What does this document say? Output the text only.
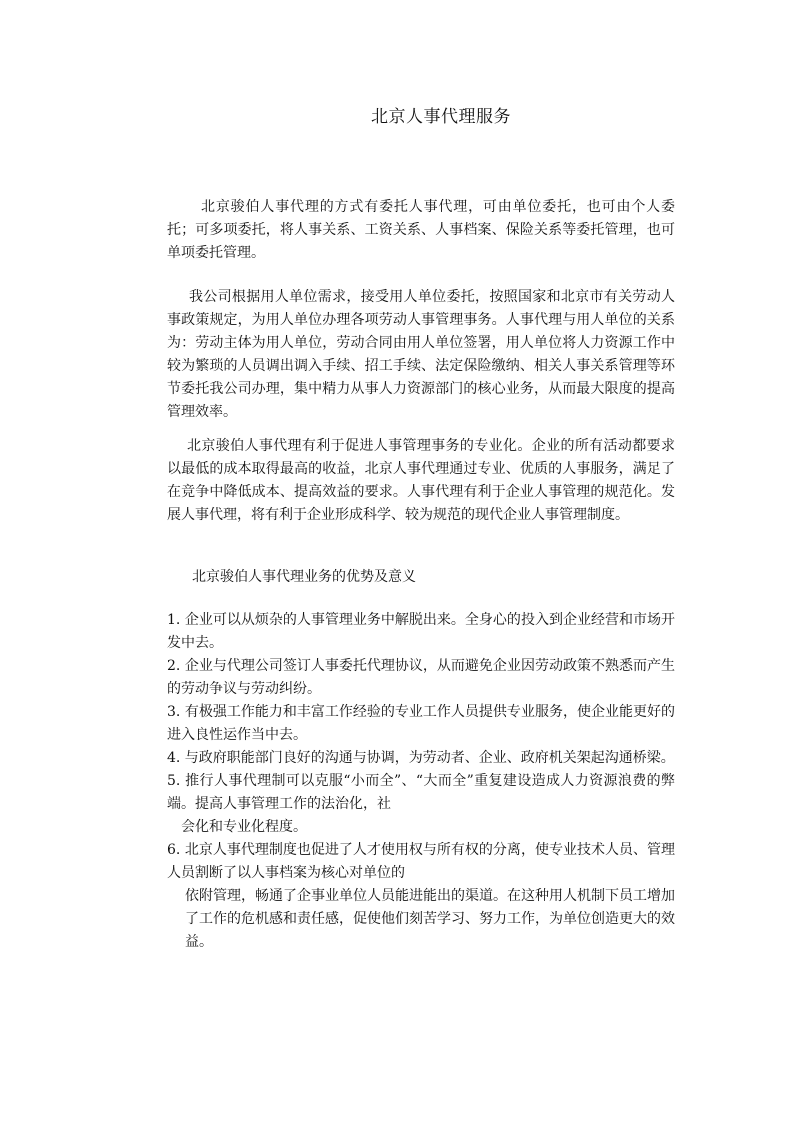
北京人事代理服务

北京骏伯人事代理的方式有委托人事代理，可由单位委托，也可由个人委托；可多项委托，将人事关系、工资关系、人事档案、保险关系等委托管理，也可单项委托管理。

我公司根据用人单位需求，接受用人单位委托，按照国家和北京市有关劳动人事政策规定，为用人单位办理各项劳动人事管理事务。人事代理与用人单位的关系为：劳动主体为用人单位，劳动合同由用人单位签署，用人单位将人力资源工作中较为繁琐的人员调出调入手续、招工手续、法定保险缴纳、相关人事关系管理等环节委托我公司办理，集中精力从事人力资源部门的核心业务，从而最大限度的提高管理效率。

北京骏伯人事代理有利于促进人事管理事务的专业化。企业的所有活动都要求以最低的成本取得最高的收益，北京人事代理通过专业、优质的人事服务，满足了在竞争中降低成本、提高效益的要求。人事代理有利于企业人事管理的规范化。发展人事代理，将有利于企业形成科学、较为规范的现代企业人事管理制度。

北京骏伯人事代理业务的优势及意义

1. 企业可以从烦杂的人事管理业务中解脱出来。全身心的投入到企业经营和市场开发中去。
2. 企业与代理公司签订人事委托代理协议，从而避免企业因劳动政策不熟悉而产生的劳动争议与劳动纠纷。
3. 有极强工作能力和丰富工作经验的专业工作人员提供专业服务，使企业能更好的进入良性运作当中去。
4. 与政府职能部门良好的沟通与协调，为劳动者、企业、政府机关架起沟通桥梁。
5. 推行人事代理制可以克服“小而全”、“大而全”重复建设造成人力资源浪费的弊端。提高人事管理工作的法治化，社
会化和专业化程度。
6. 北京人事代理制度也促进了人才使用权与所有权的分离，使专业技术人员、管理人员割断了以人事档案为核心对单位的
依附管理，畅通了企事业单位人员能进能出的渠道。在这种用人机制下员工增加了工作的危机感和责任感，促使他们刻苦学习、努力工作，为单位创造更大的效益。
